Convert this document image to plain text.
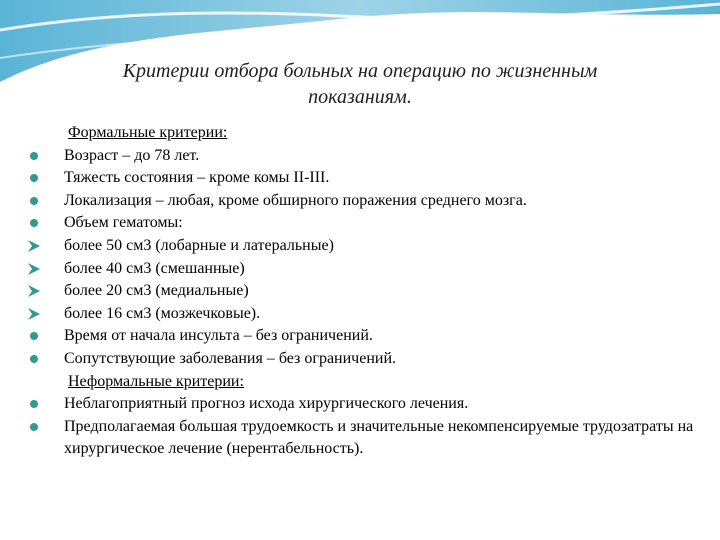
Критерии отбора больных на операцию по жизненным
показаниям.
Формальные критерии:
Возраст – до 78 лет.
Тяжесть состояния – кроме комы II-III.
Локализация – любая, кроме обширного поражения среднего мозга.
Объем гематомы:
более 50 см3 (лобарные и латеральные)
более 40 см3 (смешанные)
более 20 см3 (медиальные)
более 16 см3 (мозжечковые).
Время от начала инсульта – без ограничений.
Сопутствующие заболевания – без ограничений.
Неформальные критерии:
Неблагоприятный прогноз исхода хирургического лечения.
Предполагаемая большая трудоемкость и значительные некомпенсируемые трудозатраты на хирургическое лечение (нерентабельность).
